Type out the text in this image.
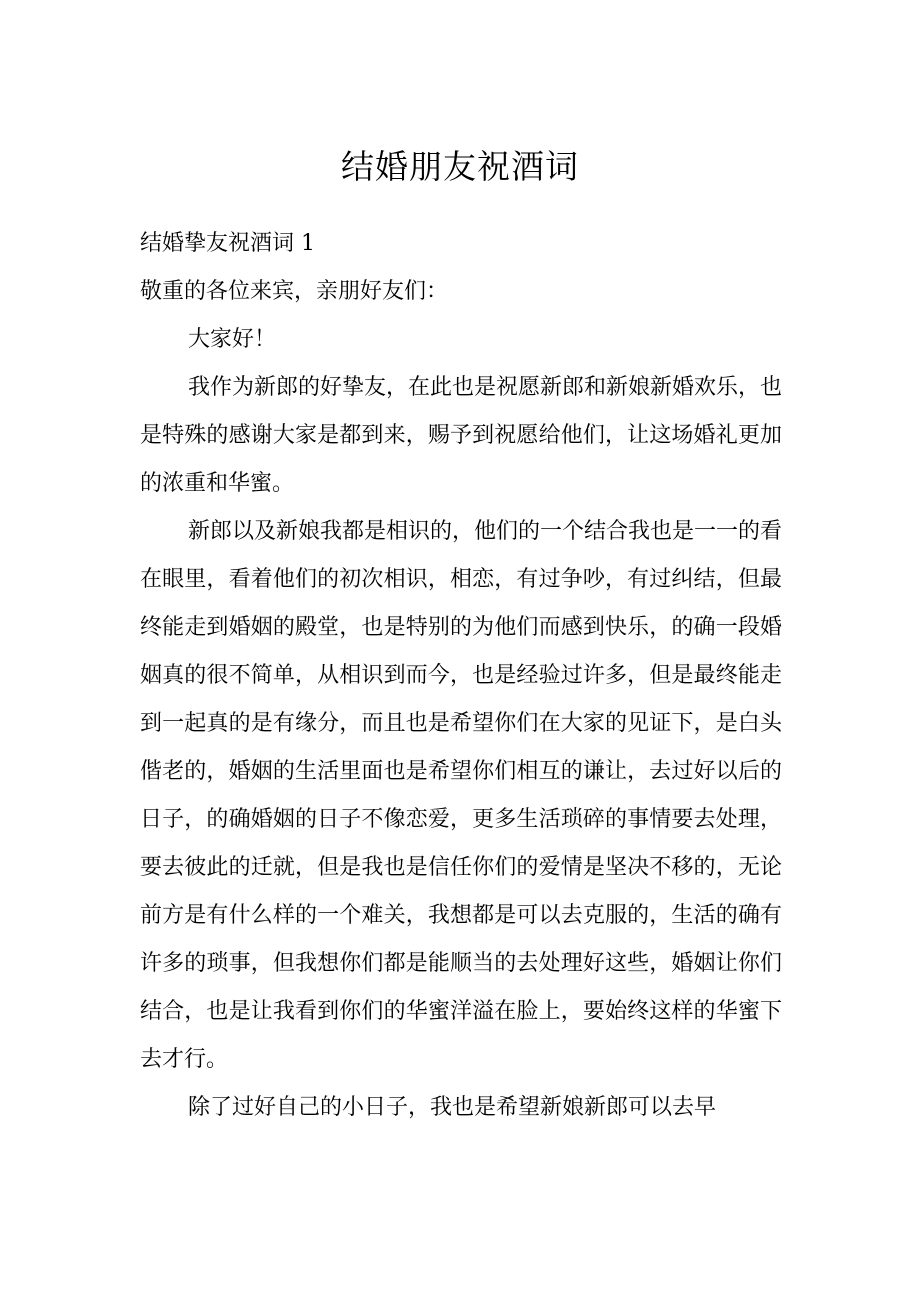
结婚朋友祝酒词

结婚挚友祝酒词 1

敬重的各位来宾，亲朋好友们：

大家好！

我作为新郎的好挚友，在此也是祝愿新郎和新娘新婚欢乐，也是特殊的感谢大家是都到来，赐予到祝愿给他们，让这场婚礼更加的浓重和华蜜。

新郎以及新娘我都是相识的，他们的一个结合我也是一一的看在眼里，看着他们的初次相识，相恋，有过争吵，有过纠结，但最终能走到婚姻的殿堂，也是特别的为他们而感到快乐，的确一段婚姻真的很不简单，从相识到而今，也是经验过许多，但是最终能走到一起真的是有缘分，而且也是希望你们在大家的见证下，是白头偕老的，婚姻的生活里面也是希望你们相互的谦让，去过好以后的日子，的确婚姻的日子不像恋爱，更多生活琐碎的事情要去处理，要去彼此的迁就，但是我也是信任你们的爱情是坚决不移的，无论前方是有什么样的一个难关，我想都是可以去克服的，生活的确有许多的琐事，但我想你们都是能顺当的去处理好这些，婚姻让你们结合，也是让我看到你们的华蜜洋溢在脸上，要始终这样的华蜜下去才行。

除了过好自己的小日子，我也是希望新娘新郎可以去早
